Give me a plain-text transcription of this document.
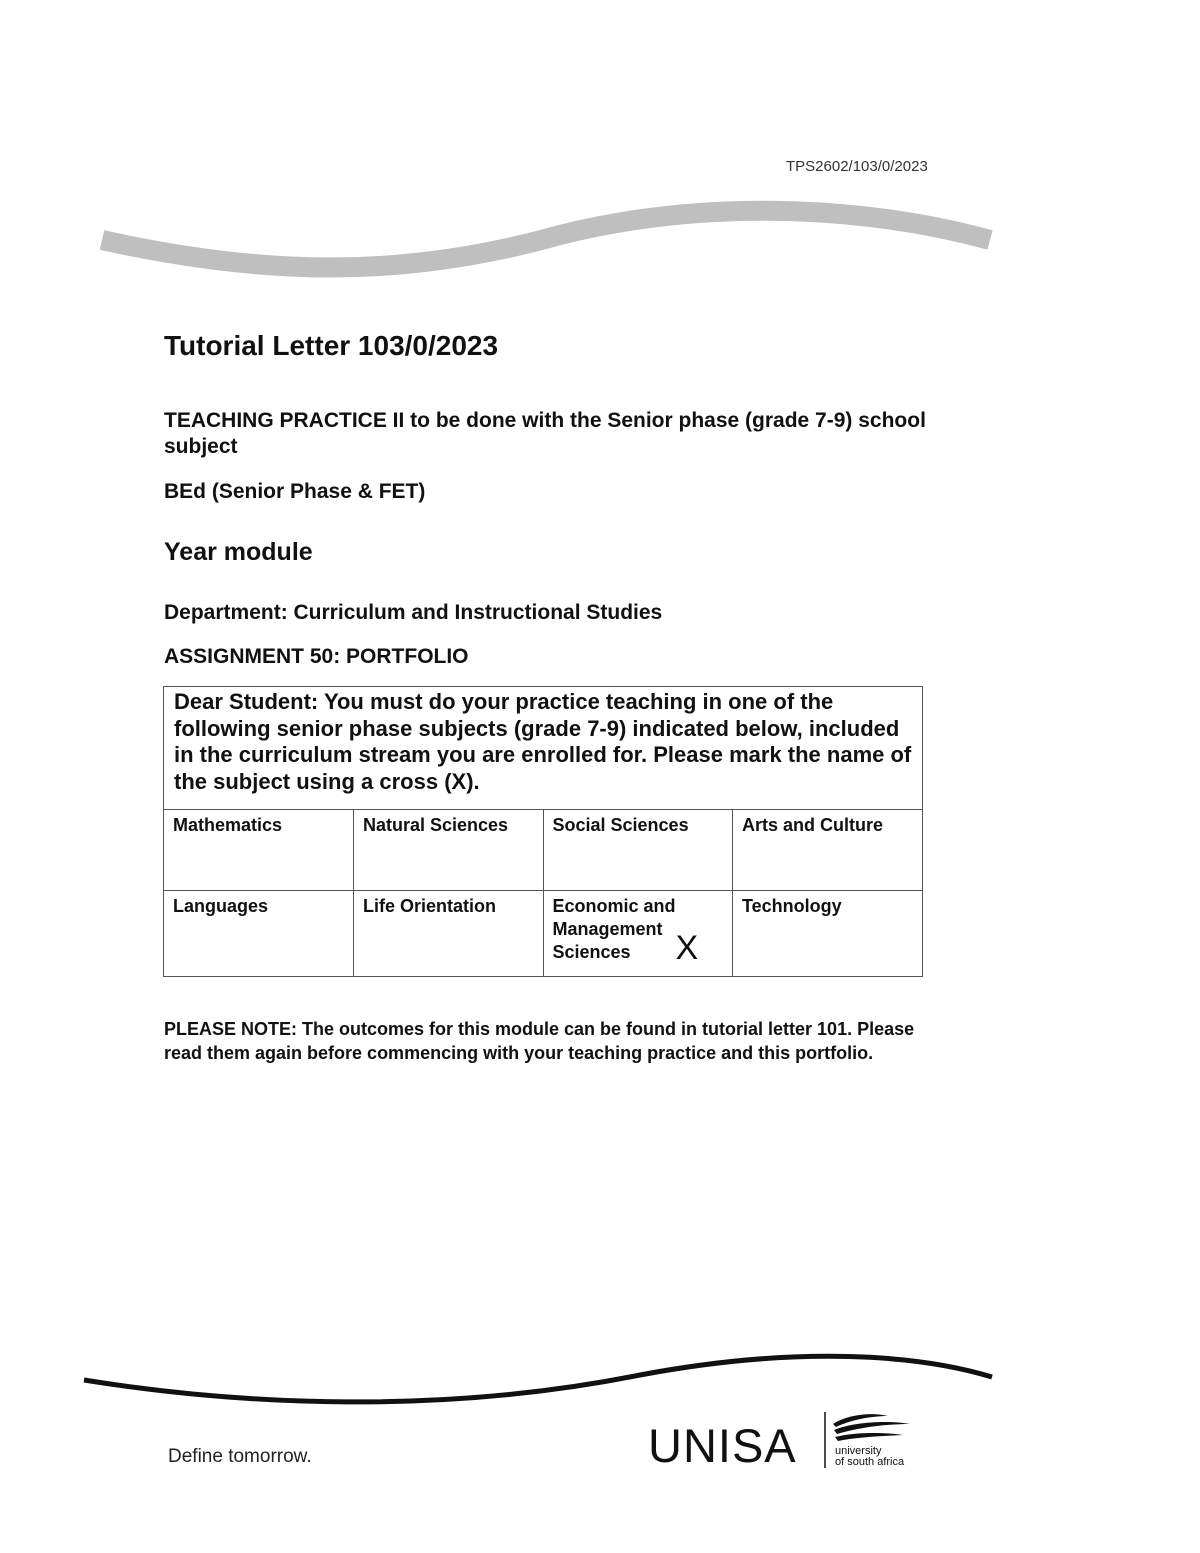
TPS2602/103/0/2023
Tutorial Letter 103/0/2023

TEACHING PRACTICE II to be done with the Senior phase (grade 7-9) school subject

BEd (Senior Phase & FET)

Year module

Department: Curriculum and Instructional Studies

ASSIGNMENT 50: PORTFOLIO

Dear Student: You must do your practice teaching in one of the following senior phase subjects (grade 7-9) indicated below, included in the curriculum stream you are enrolled for. Please mark the name of the subject using a cross (X).
Mathematics	Natural Sciences	Social Sciences	Arts and Culture
Languages	Life Orientation	Economic and Management Sciences X	Technology

PLEASE NOTE: The outcomes for this module can be found in tutorial letter 101. Please read them again before commencing with your teaching practice and this portfolio.

Define tomorrow.	UNISA	university
of south africa
